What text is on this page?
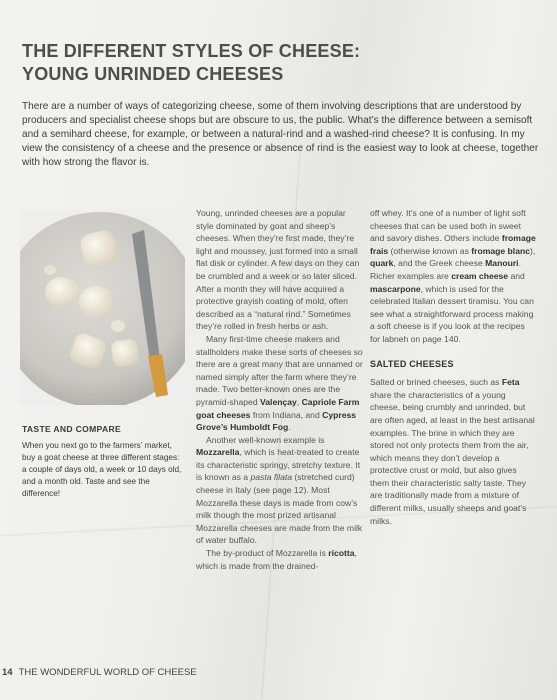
THE DIFFERENT STYLES OF CHEESE:
YOUNG UNRINDED CHEESES
There are a number of ways of categorizing cheese, some of them involving descriptions that are understood by producers and specialist cheese shops but are obscure to us, the public. What’s the difference between a semisoft and a semihard cheese, for example, or between a natural-rind and a washed-rind cheese? It is confusing. In my view the consistency of a cheese and the presence or absence of rind is the easiest way to look at cheese, together with how strong the flavor is.
TASTE AND COMPARE
When you next go to the farmers’ market, buy a goat cheese at three different stages: a couple of days old, a week or 10 days old, and a month old. Taste and see the difference!

Young, unrinded cheeses are a popular style dominated by goat and sheep’s cheeses. When they’re first made, they’re light and moussey, just formed into a small flat disk or cylinder. A few days on they can be crumbled and a week or so later sliced. After a month they will have acquired a protective grayish coating of mold, often described as a “natural rind.” Sometimes they’re rolled in fresh herbs or ash.

Many first-time cheese makers and stallholders make these sorts of cheeses so there are a great many that are unnamed or named simply after the farm where they’re made. Two better-known ones are the pyramid-shaped Valençay, Capriole Farm goat cheeses from Indiana, and Cypress Grove’s Humboldt Fog.

Another well-known example is Mozzarella, which is heat-treated to create its characteristic springy, stretchy texture. It is known as a pasta filata (stretched curd) cheese in Italy (see page 12). Most Mozzarella these days is made from cow’s milk though the most prized artisanal Mozzarella cheeses are made from the milk of water buffalo.

The by-product of Mozzarella is ricotta, which is made from the drained-

off whey. It’s one of a number of light soft cheeses that can be used both in sweet and savory dishes. Others include fromage frais (otherwise known as fromage blanc), quark, and the Greek cheese Manouri. Richer examples are cream cheese and mascarpone, which is used for the celebrated Italian dessert tiramisu. You can see what a straightforward process making a soft cheese is if you look at the recipes for labneh on page 140.

SALTED CHEESES

Salted or brined cheeses, such as Feta share the characteristics of a young cheese, being crumbly and unrinded, but are often aged, at least in the best artisanal examples. The brine in which they are stored not only protects them from the air, which means they don’t develop a protective crust or mold, but also gives them their characteristic salty taste. They are traditionally made from a mixture of different milks, usually sheeps and goat’s milks.

14 THE WONDERFUL WORLD OF CHEESE
